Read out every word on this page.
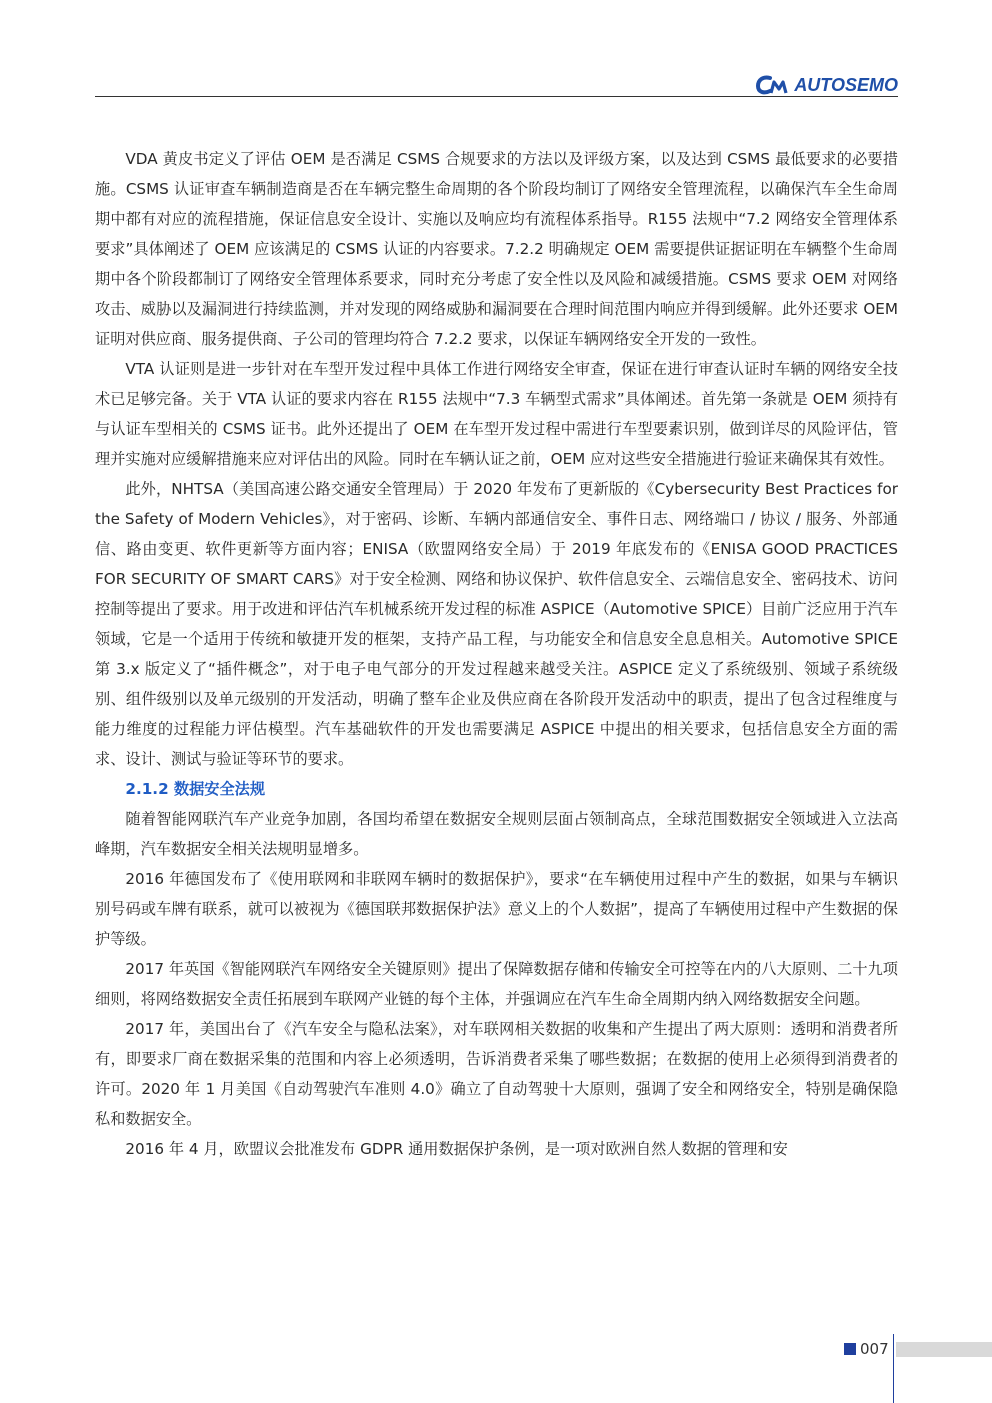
AUTOSEMO

VDA 黄皮书定义了评估 OEM 是否满足 CSMS 合规要求的方法以及评级方案，以及达到 CSMS 最低要求的必要措施。CSMS 认证审查车辆制造商是否在车辆完整生命周期的各个阶段均制订了网络安全管理流程，以确保汽车全生命周期中都有对应的流程措施，保证信息安全设计、实施以及响应均有流程体系指导。R155 法规中“7.2 网络安全管理体系要求”具体阐述了 OEM 应该满足的 CSMS 认证的内容要求。7.2.2 明确规定 OEM 需要提供证据证明在车辆整个生命周期中各个阶段都制订了网络安全管理体系要求，同时充分考虑了安全性以及风险和减缓措施。CSMS 要求 OEM 对网络攻击、威胁以及漏洞进行持续监测，并对发现的网络威胁和漏洞要在合理时间范围内响应并得到缓解。此外还要求 OEM 证明对供应商、服务提供商、子公司的管理均符合 7.2.2 要求，以保证车辆网络安全开发的一致性。

VTA 认证则是进一步针对在车型开发过程中具体工作进行网络安全审查，保证在进行审查认证时车辆的网络安全技术已足够完备。关于 VTA 认证的要求内容在 R155 法规中“7.3 车辆型式需求”具体阐述。首先第一条就是 OEM 须持有与认证车型相关的 CSMS 证书。此外还提出了 OEM 在车型开发过程中需进行车型要素识别，做到详尽的风险评估，管理并实施对应缓解措施来应对评估出的风险。同时在车辆认证之前，OEM 应对这些安全措施进行验证来确保其有效性。

此外，NHTSA（美国高速公路交通安全管理局）于 2020 年发布了更新版的《Cybersecurity Best Practices for the Safety of Modern Vehicles》，对于密码、诊断、车辆内部通信安全、事件日志、网络端口 / 协议 / 服务、外部通信、路由变更、软件更新等方面内容；ENISA（欧盟网络安全局）于 2019 年底发布的《ENISA GOOD PRACTICES FOR SECURITY OF SMART CARS》对于安全检测、网络和协议保护、软件信息安全、云端信息安全、密码技术、访问控制等提出了要求。用于改进和评估汽车机械系统开发过程的标准 ASPICE（Automotive SPICE）目前广泛应用于汽车领域，它是一个适用于传统和敏捷开发的框架，支持产品工程，与功能安全和信息安全息息相关。Automotive SPICE 第 3.x 版定义了“插件概念”，对于电子电气部分的开发过程越来越受关注。ASPICE 定义了系统级别、领域子系统级别、组件级别以及单元级别的开发活动，明确了整车企业及供应商在各阶段开发活动中的职责，提出了包含过程维度与能力维度的过程能力评估模型。汽车基础软件的开发也需要满足 ASPICE 中提出的相关要求，包括信息安全方面的需求、设计、测试与验证等环节的要求。

2.1.2 数据安全法规

随着智能网联汽车产业竞争加剧，各国均希望在数据安全规则层面占领制高点，全球范围数据安全领域进入立法高峰期，汽车数据安全相关法规明显增多。

2016 年德国发布了《使用联网和非联网车辆时的数据保护》，要求“在车辆使用过程中产生的数据，如果与车辆识别号码或车牌有联系，就可以被视为《德国联邦数据保护法》意义上的个人数据”，提高了车辆使用过程中产生数据的保护等级。

2017 年英国《智能网联汽车网络安全关键原则》提出了保障数据存储和传输安全可控等在内的八大原则、二十九项细则，将网络数据安全责任拓展到车联网产业链的每个主体，并强调应在汽车生命全周期内纳入网络数据安全问题。

2017 年，美国出台了《汽车安全与隐私法案》，对车联网相关数据的收集和产生提出了两大原则：透明和消费者所有，即要求厂商在数据采集的范围和内容上必须透明，告诉消费者采集了哪些数据；在数据的使用上必须得到消费者的许可。2020 年 1 月美国《自动驾驶汽车准则 4.0》确立了自动驾驶十大原则，强调了安全和网络安全，特别是确保隐私和数据安全。

2016 年 4 月，欧盟议会批准发布 GDPR 通用数据保护条例，是一项对欧洲自然人数据的管理和安

007
